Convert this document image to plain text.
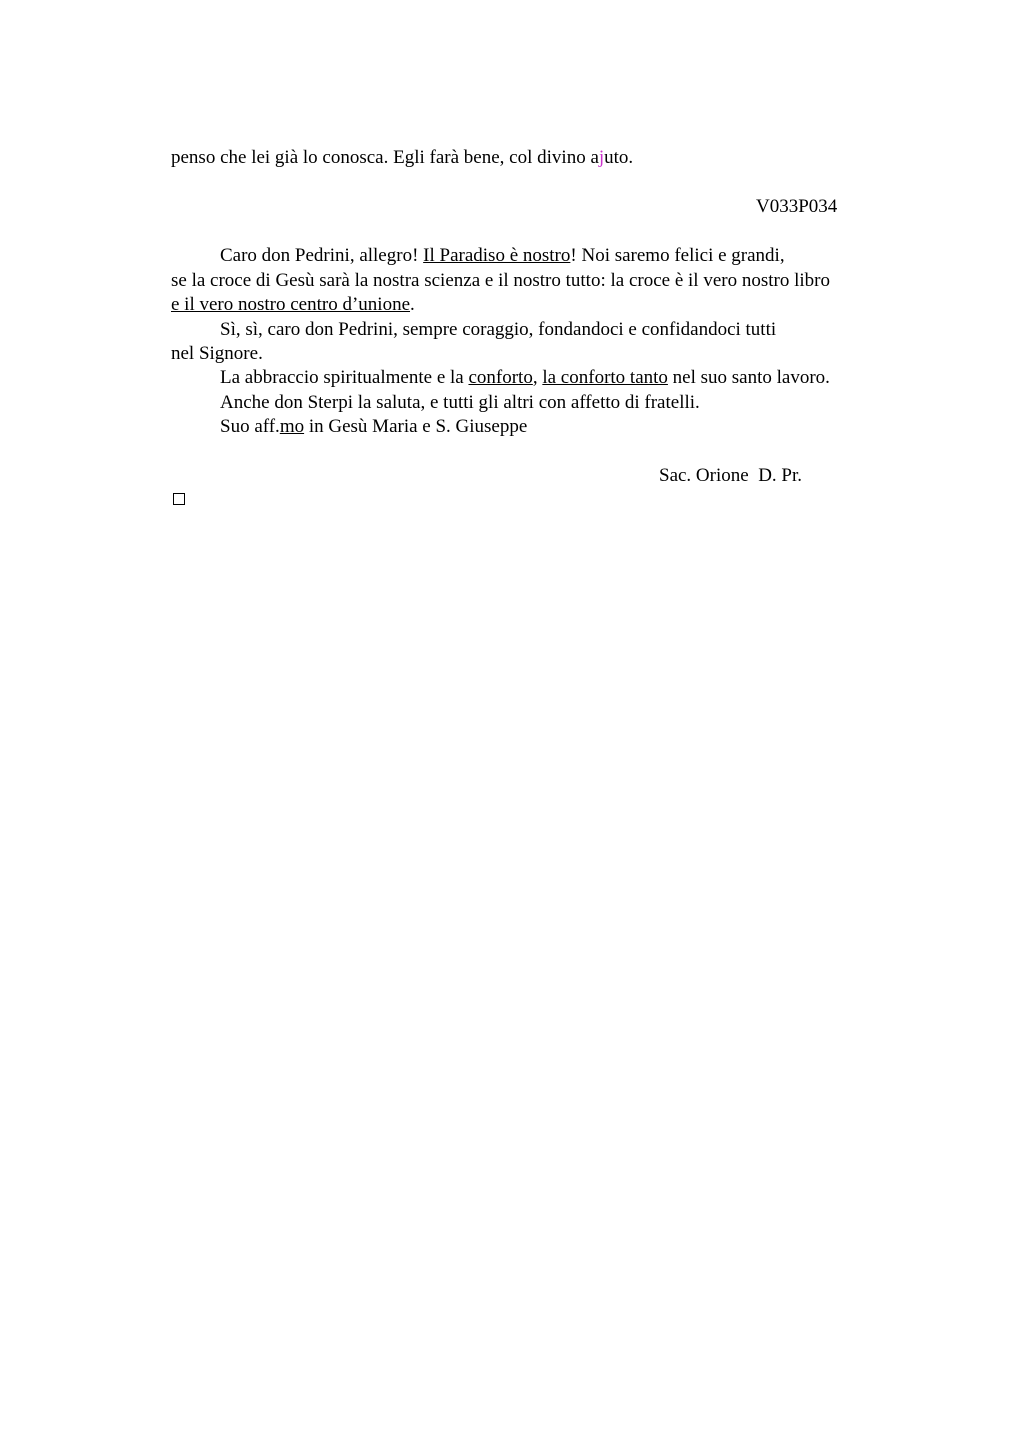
penso che lei già lo conosca. Egli farà bene, col divino ajuto.
V033P034
Caro don Pedrini, allegro! Il Paradiso è nostro! Noi saremo felici e grandi,
se la croce di Gesù sarà la nostra scienza e il nostro tutto: la croce è il vero nostro libro
e il vero nostro centro d’unione.
Sì, sì, caro don Pedrini, sempre coraggio, fondandoci e confidandoci tutti
nel Signore.
La abbraccio spiritualmente e la conforto, la conforto tanto nel suo santo lavoro.
Anche don Sterpi la saluta, e tutti gli altri con affetto di fratelli.
Suo aff.mo in Gesù Maria e S. Giuseppe
Sac. Orione  D. Pr.
